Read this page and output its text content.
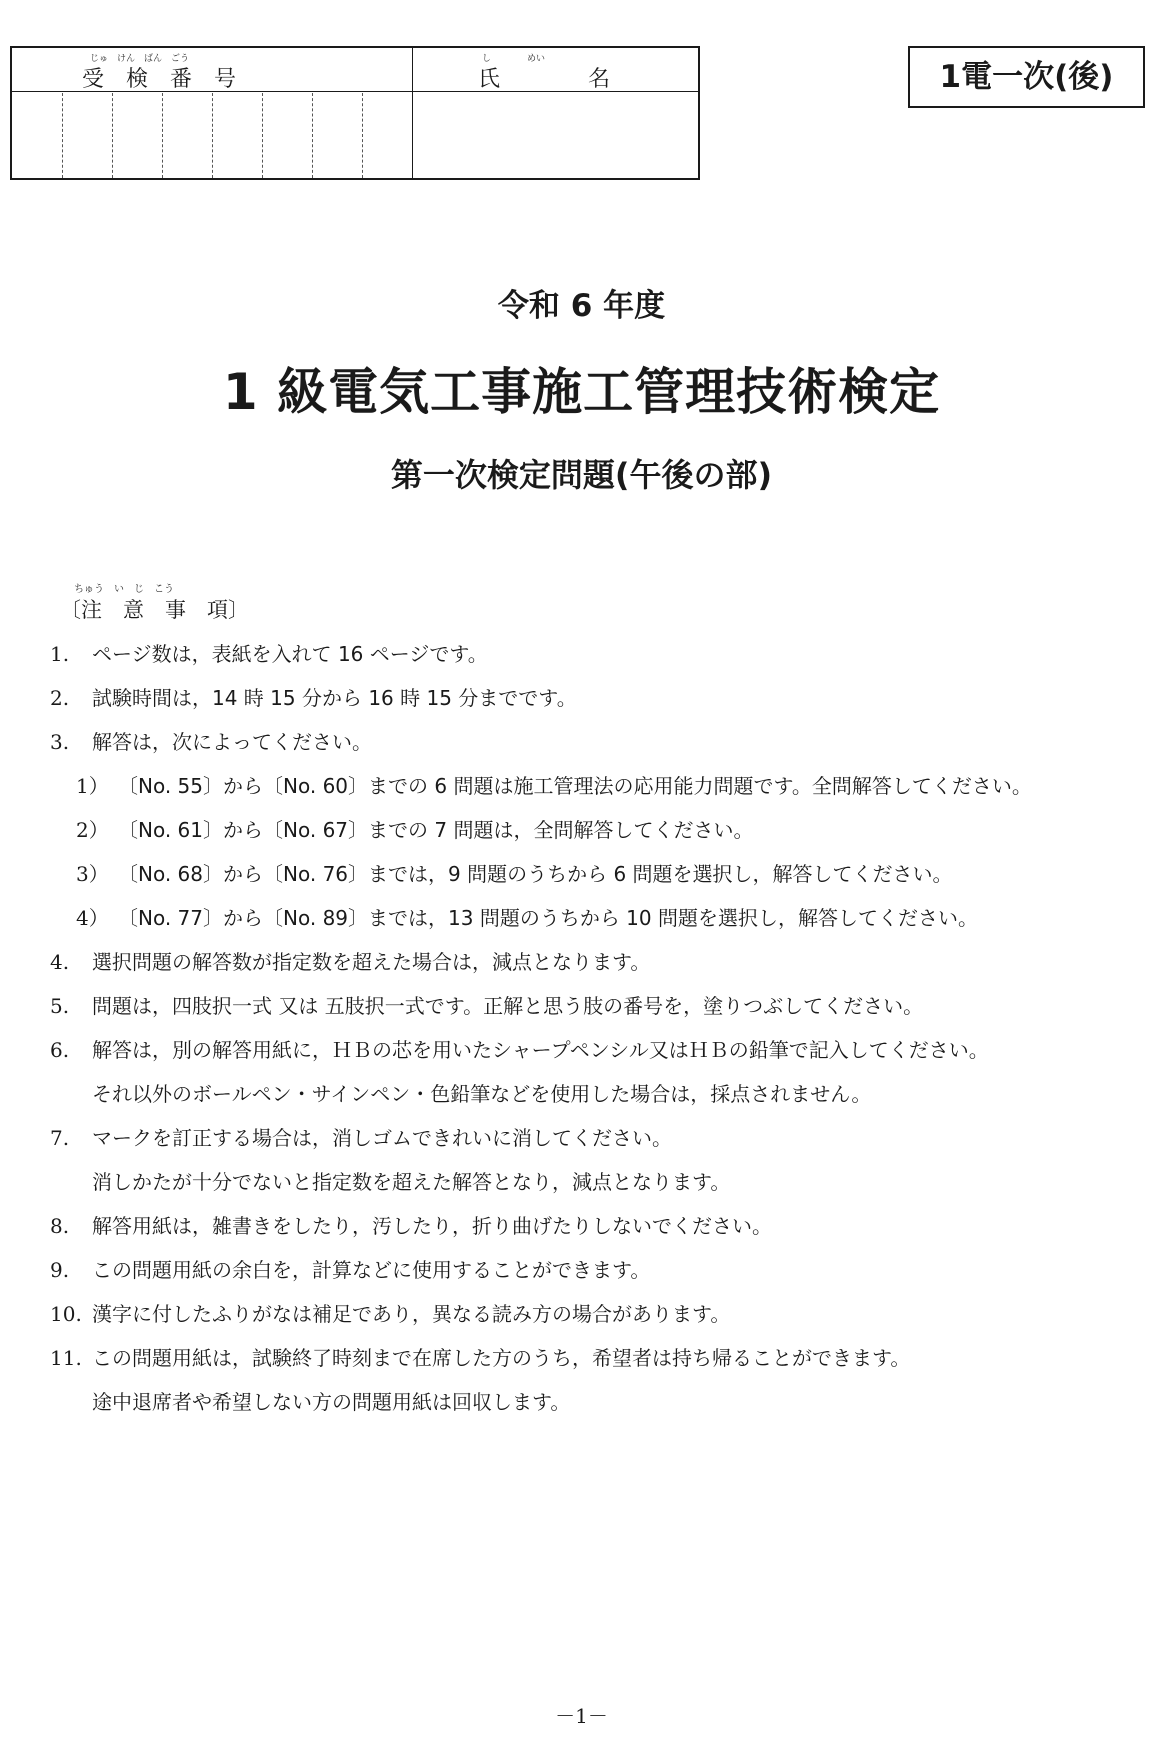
じゅ　けん　ばん　ごう
受　検　番　号
し　　　　めい
氏　　　　名	1電一次(後)
令和 6 年度
1 級電気工事施工管理技術検定
第一次検定問題(午後の部)
ちゅう　い　じ　こう
〔注　意　事　項〕
1. ページ数は，表紙を入れて 16 ページです。
2. 試験時間は，14 時 15 分から 16 時 15 分までです。
3. 解答は，次によってください。
1） 〔No. 55〕から〔No. 60〕までの 6 問題は施工管理法の応用能力問題です。全問解答してください。
2） 〔No. 61〕から〔No. 67〕までの 7 問題は，全問解答してください。
3） 〔No. 68〕から〔No. 76〕までは，9 問題のうちから 6 問題を選択し，解答してください。
4） 〔No. 77〕から〔No. 89〕までは，13 問題のうちから 10 問題を選択し，解答してください。
4. 選択問題の解答数が指定数を超えた場合は，減点となります。
5. 問題は，四肢択一式 又は 五肢択一式です。正解と思う肢の番号を，塗りつぶしてください。
6. 解答は，別の解答用紙に，ＨＢの芯を用いたシャープペンシル又はＨＢの鉛筆で記入してください。
それ以外のボールペン・サインペン・色鉛筆などを使用した場合は，採点されません。
7. マークを訂正する場合は，消しゴムできれいに消してください。
消しかたが十分でないと指定数を超えた解答となり，減点となります。
8. 解答用紙は，雑書きをしたり，汚したり，折り曲げたりしないでください。
9. この問題用紙の余白を，計算などに使用することができます。
10. 漢字に付したふりがなは補足であり，異なる読み方の場合があります。
11. この問題用紙は，試験終了時刻まで在席した方のうち，希望者は持ち帰ることができます。
途中退席者や希望しない方の問題用紙は回収します。
－1－
